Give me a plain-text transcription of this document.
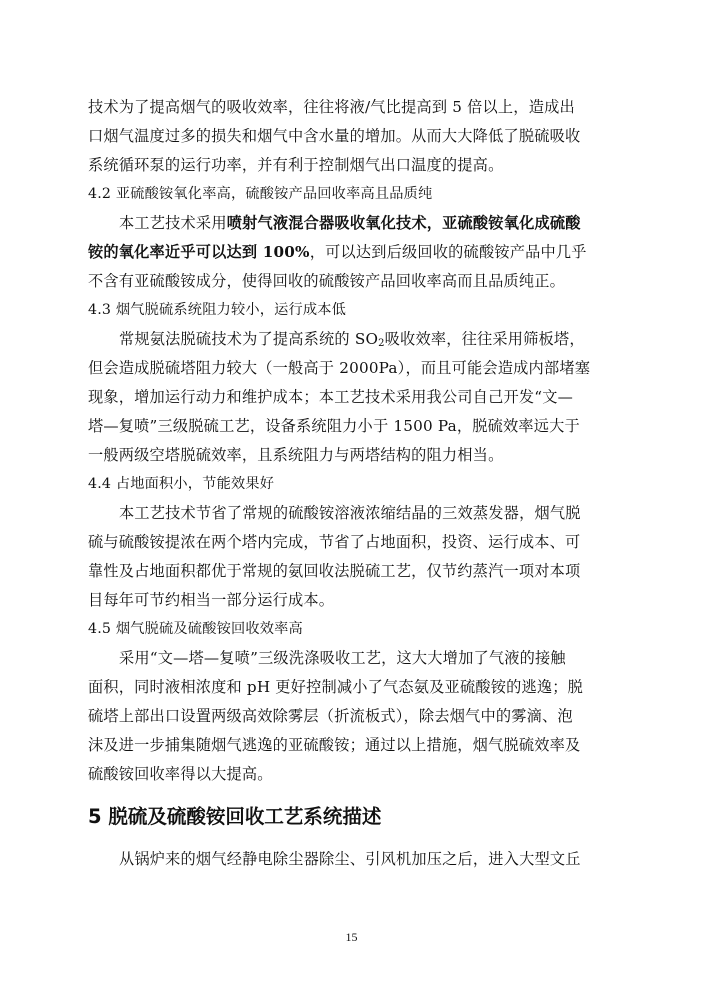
技术为了提高烟气的吸收效率，往往将液/气比提高到 5 倍以上，造成出
口烟气温度过多的损失和烟气中含水量的增加。从而大大降低了脱硫吸收
系统循环泵的运行功率，并有利于控制烟气出口温度的提高。
4.2 亚硫酸铵氧化率高，硫酸铵产品回收率高且品质纯
本工艺技术采用喷射气液混合器吸收氧化技术，亚硫酸铵氧化成硫酸
铵的氧化率近乎可以达到 100%，可以达到后级回收的硫酸铵产品中几乎
不含有亚硫酸铵成分，使得回收的硫酸铵产品回收率高而且品质纯正。
4.3 烟气脱硫系统阻力较小，运行成本低
常规氨法脱硫技术为了提高系统的 $SO_2$吸收效率，往往采用筛板塔，
但会造成脱硫塔阻力较大（一般高于 2000Pa），而且可能会造成内部堵塞
现象，增加运行动力和维护成本；本工艺技术采用我公司自己开发“文—
塔—复喷”三级脱硫工艺，设备系统阻力小于 1500 Pa，脱硫效率远大于
一般两级空塔脱硫效率，且系统阻力与两塔结构的阻力相当。
4.4 占地面积小，节能效果好
本工艺技术节省了常规的硫酸铵溶液浓缩结晶的三效蒸发器，烟气脱
硫与硫酸铵提浓在两个塔内完成，节省了占地面积，投资、运行成本、可
靠性及占地面积都优于常规的氨回收法脱硫工艺，仅节约蒸汽一项对本项
目每年可节约相当一部分运行成本。
4.5 烟气脱硫及硫酸铵回收效率高
采用“文—塔—复喷”三级洗涤吸收工艺，这大大增加了气液的接触
面积，同时液相浓度和 pH 更好控制减小了气态氨及亚硫酸铵的逃逸；脱
硫塔上部出口设置两级高效除雾层（折流板式），除去烟气中的雾滴、泡
沫及进一步捕集随烟气逃逸的亚硫酸铵；通过以上措施，烟气脱硫效率及
硫酸铵回收率得以大提高。
5 脱硫及硫酸铵回收工艺系统描述
从锅炉来的烟气经静电除尘器除尘、引风机加压之后，进入大型文丘
15
